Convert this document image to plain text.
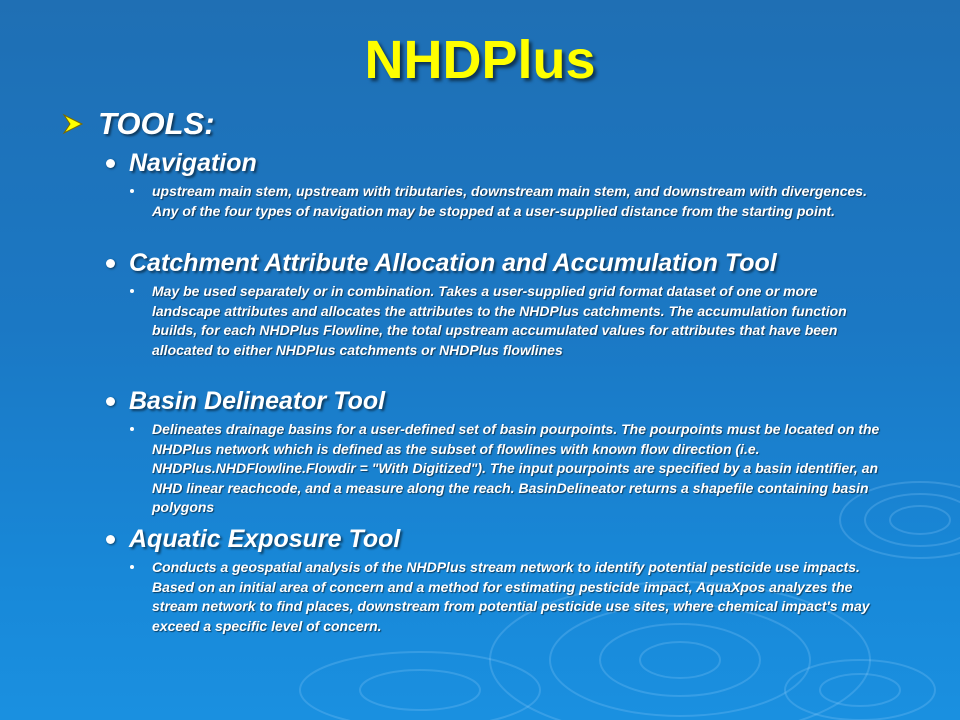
NHDPlus
TOOLS:
Navigation
upstream main stem, upstream with tributaries, downstream main stem, and downstream with divergences. Any of the four types of navigation may be stopped at a user-supplied distance from the starting point.
Catchment Attribute Allocation and Accumulation Tool
May be used separately or in combination. Takes a user-supplied grid format dataset of one or more landscape attributes and allocates the attributes to the NHDPlus catchments. The accumulation function builds, for each NHDPlus Flowline, the total upstream accumulated values for attributes that have been allocated to either NHDPlus catchments or NHDPlus flowlines
Basin Delineator Tool
Delineates drainage basins for a user-defined set of basin pourpoints. The pourpoints must be located on the NHDPlus network which is defined as the subset of flowlines with known flow direction (i.e. NHDPlus.NHDFlowline.Flowdir = "With Digitized"). The input pourpoints are specified by a basin identifier, an NHD linear reachcode, and a measure along the reach. BasinDelineator returns a shapefile containing basin polygons
Aquatic Exposure Tool
Conducts a geospatial analysis of the NHDPlus stream network to identify potential pesticide use impacts. Based on an initial area of concern and a method for estimating pesticide impact, AquaXpos analyzes the stream network to find places, downstream from potential pesticide use sites, where chemical impact's may exceed a specific level of concern.
